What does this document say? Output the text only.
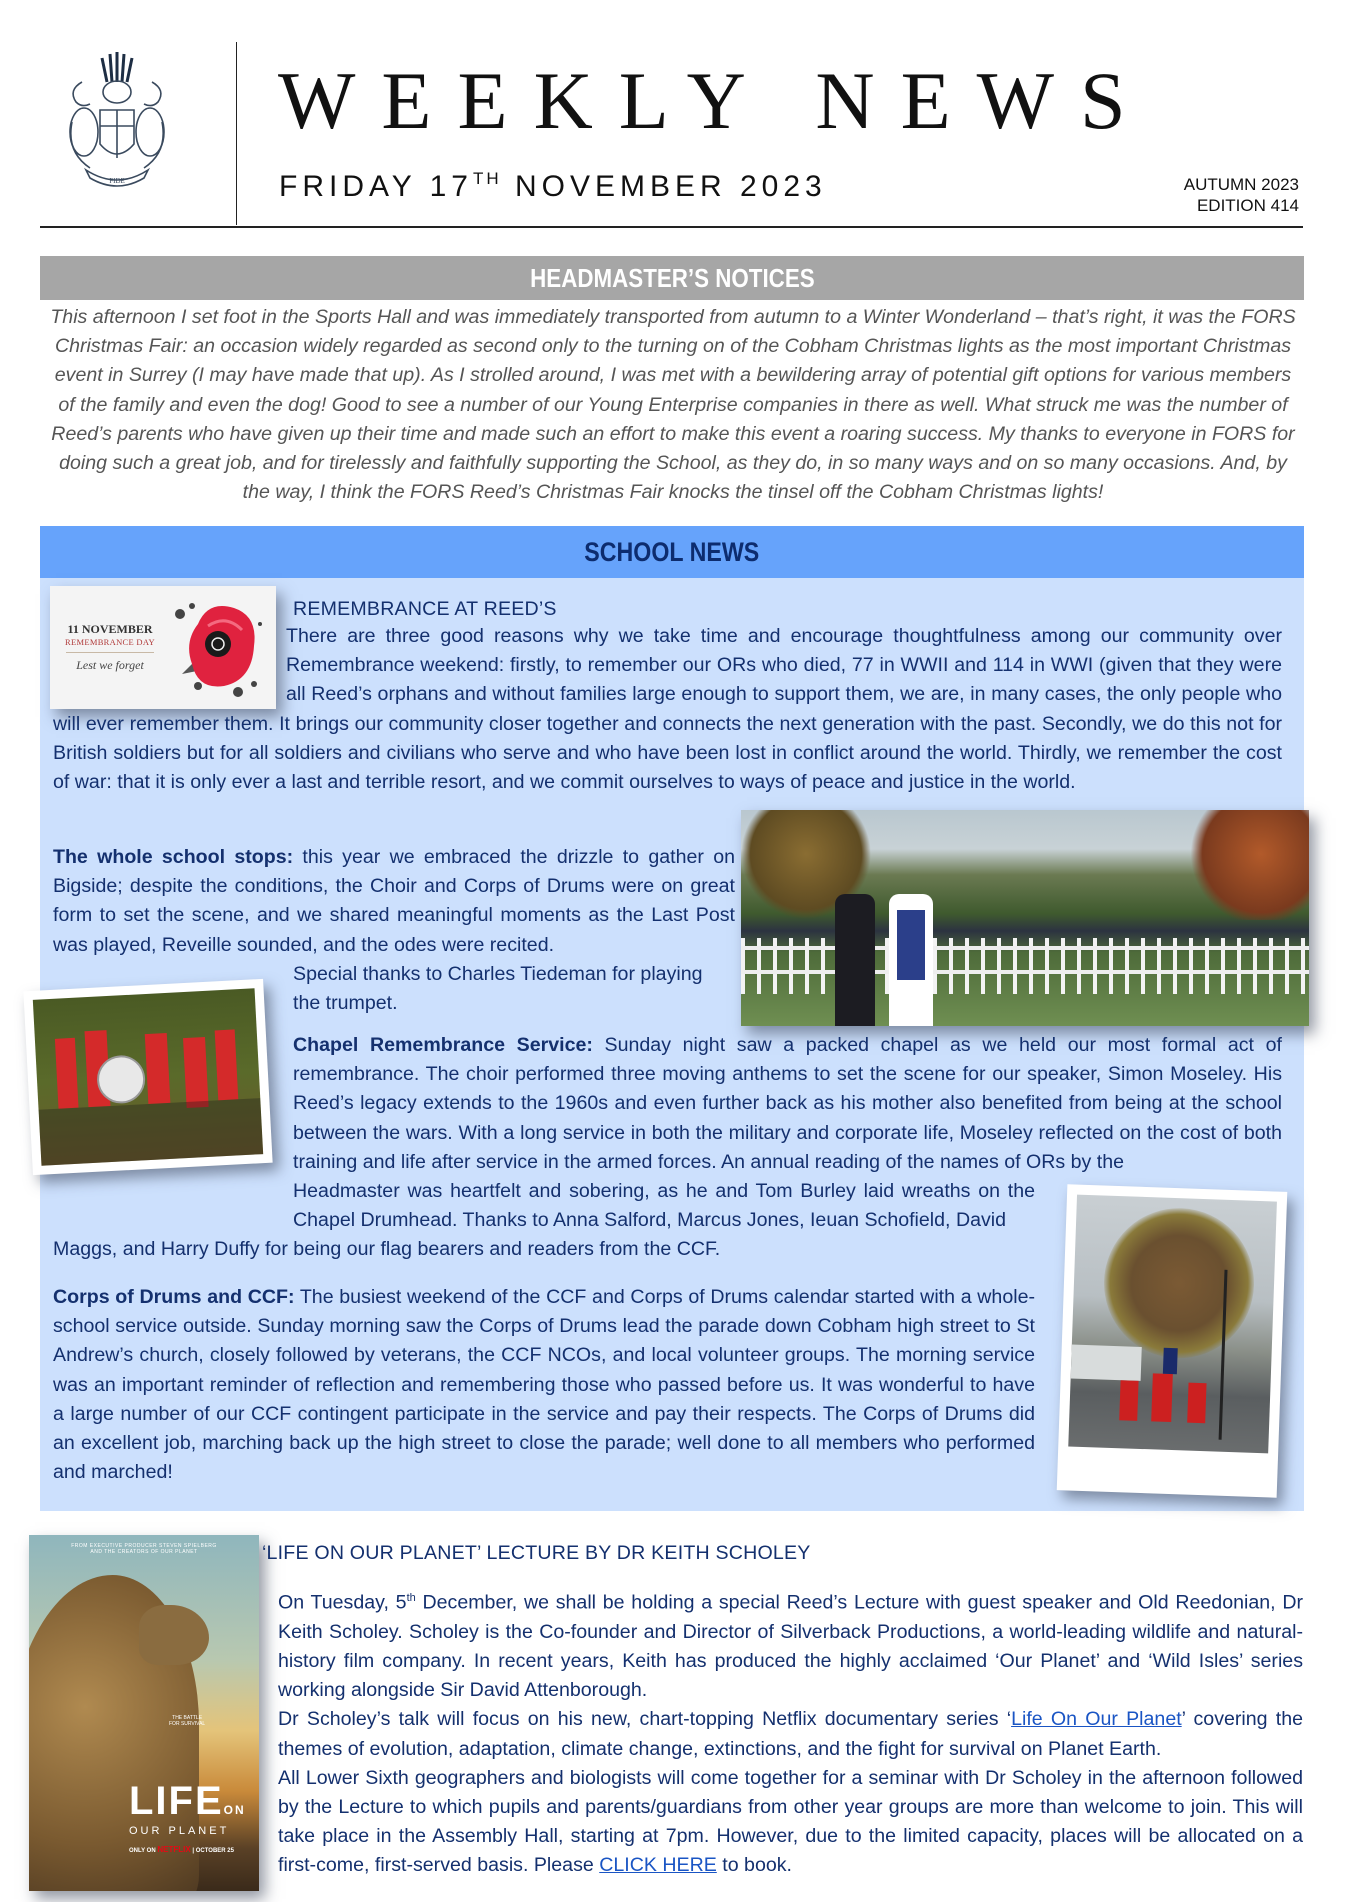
FIDE
WEEKLY NEWS
FRIDAY 17TH NOVEMBER 2023	AUTUMN 2023
EDITION 414
HEADMASTER’S NOTICES
This afternoon I set foot in the Sports Hall and was immediately transported from autumn to a Winter Wonderland – that’s right, it was the FORS Christmas Fair: an occasion widely regarded as second only to the turning on of the Cobham Christmas lights as the most important Christmas event in Surrey (I may have made that up). As I strolled around, I was met with a bewildering array of potential gift options for various members of the family and even the dog! Good to see a number of our Young Enterprise companies in there as well. What struck me was the number of Reed’s parents who have given up their time and made such an effort to make this event a roaring success. My thanks to everyone in FORS for doing such a great job, and for tirelessly and faithfully supporting the School, as they do, in so many ways and on so many occasions. And, by the way, I think the FORS Reed’s Christmas Fair knocks the tinsel off the Cobham Christmas lights!
SCHOOL NEWS
11 NOVEMBER
REMEMBRANCE DAY
Lest we forget
REMEMBRANCE AT REED’S
There are three good reasons why we take time and encourage thoughtfulness among our community over Remembrance weekend: firstly, to remember our ORs who died, 77 in WWII and 114 in WWI (given that they were all Reed’s orphans and without families large enough to support them, we are, in many cases, the only people who will ever remember them. It brings our community closer together and connects the next generation with the past. Secondly, we do this not for British soldiers but for all soldiers and civilians who serve and who have been lost in conflict around the world. Thirdly, we remember the cost of war: that it is only ever a last and terrible resort, and we commit ourselves to ways of peace and justice in the world.
The whole school stops: this year we embraced the drizzle to gather on Bigside; despite the conditions, the Choir and Corps of Drums were on great form to set the scene, and we shared meaningful moments as the Last Post was played, Reveille sounded, and the odes were recited.
Special thanks to Charles Tiedeman for playing the trumpet.
Chapel Remembrance Service: Sunday night saw a packed chapel as we held our most formal act of remembrance. The choir performed three moving anthems to set the scene for our speaker, Simon Moseley. His Reed’s legacy extends to the 1960s and even further back as his mother also benefited from being at the school between the wars. With a long service in both the military and corporate life, Moseley reflected on the cost of both training and life after service in the armed forces. An annual reading of the names of ORs by the
Headmaster was heartfelt and sobering, as he and Tom Burley laid wreaths on the Chapel Drumhead. Thanks to Anna Salford, Marcus Jones, Ieuan Schofield, David
Maggs, and Harry Duffy for being our flag bearers and readers from the CCF.
Corps of Drums and CCF: The busiest weekend of the CCF and Corps of Drums calendar started with a whole-school service outside. Sunday morning saw the Corps of Drums lead the parade down Cobham high street to St Andrew’s church, closely followed by veterans, the CCF NCOs, and local volunteer groups. The morning service was an important reminder of reflection and remembering those who passed before us. It was wonderful to have a large number of our CCF contingent participate in the service and pay their respects. The Corps of Drums did an excellent job, marching back up the high street to close the parade; well done to all members who performed and marched!
FROM EXECUTIVE PRODUCER STEVEN SPIELBERG
AND THE CREATORS OF OUR PLANET
THE BATTLE
FOR SURVIVAL
LIFEON
OUR PLANET
ONLY ON NETFLIX | OCTOBER 25
‘LIFE ON OUR PLANET’ LECTURE BY DR KEITH SCHOLEY
On Tuesday, 5th December, we shall be holding a special Reed’s Lecture with guest speaker and Old Reedonian, Dr Keith Scholey. Scholey is the Co-founder and Director of Silverback Productions, a world-leading wildlife and natural-history film company. In recent years, Keith has produced the highly acclaimed ‘Our Planet’ and ‘Wild Isles’ series working alongside Sir David Attenborough.
Dr Scholey’s talk will focus on his new, chart-topping Netflix documentary series ‘Life On Our Planet’ covering the themes of evolution, adaptation, climate change, extinctions, and the fight for survival on Planet Earth.
All Lower Sixth geographers and biologists will come together for a seminar with Dr Scholey in the afternoon followed by the Lecture to which pupils and parents/guardians from other year groups are more than welcome to join. This will take place in the Assembly Hall, starting at 7pm. However, due to the limited capacity, places will be allocated on a first-come, first-served basis. Please CLICK HERE to book.
